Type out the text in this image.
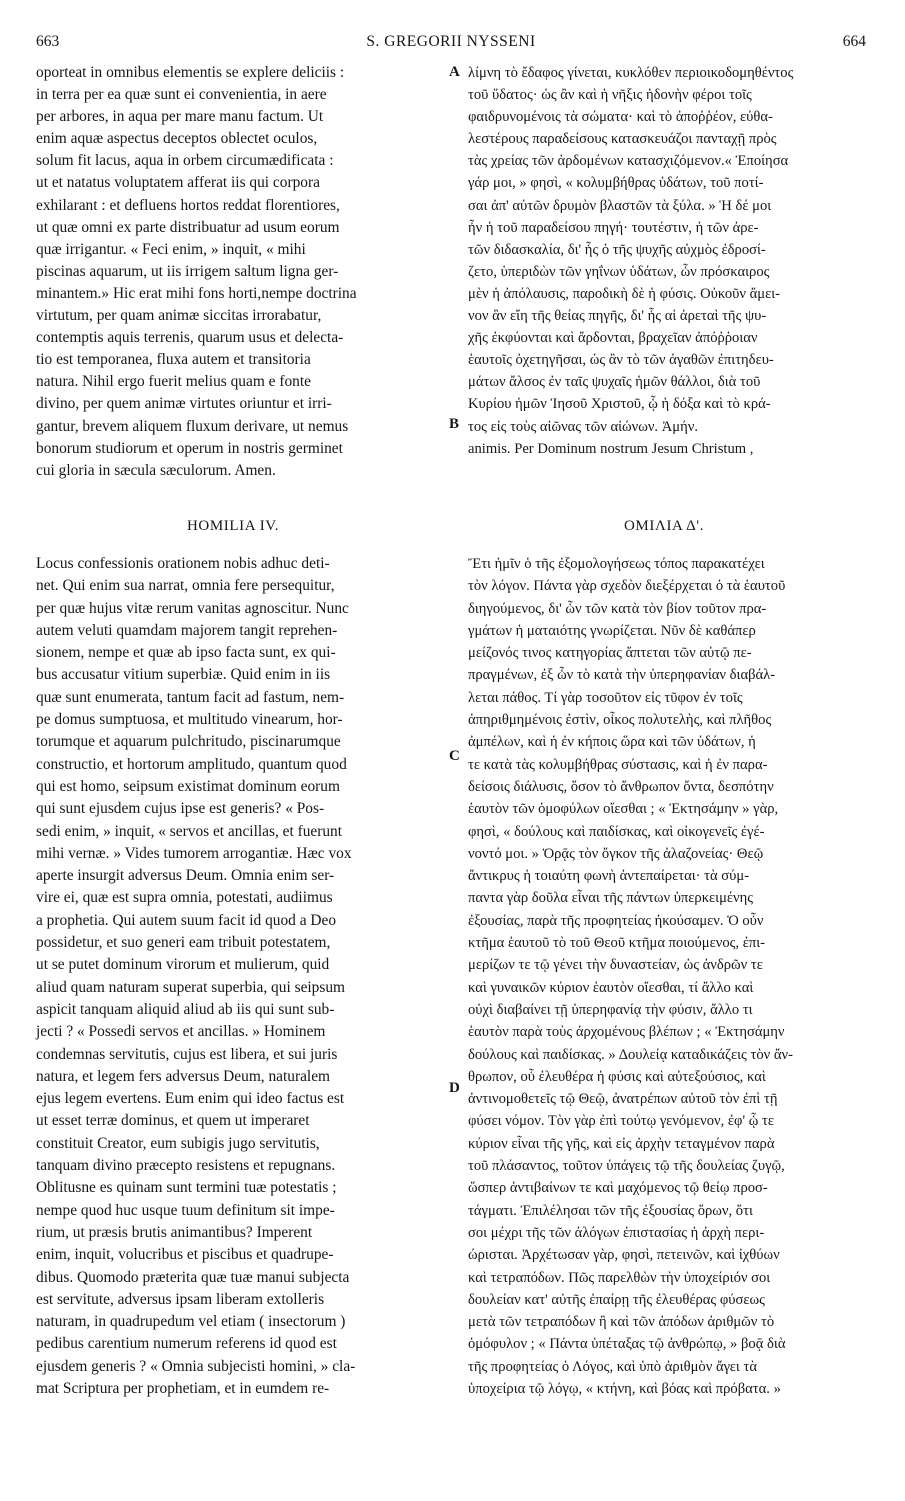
663	S. GREGORII NYSSENI	664
oporteat in omnibus elementis se explere deliciis :
in terra per ea quæ sunt ei convenientia, in aere
per arbores, in aqua per mare manu factum. Ut
enim aquæ aspectus deceptos oblectet oculos,
solum fit lacus, aqua in orbem circumædificata :
ut et natatus voluptatem afferat iis qui corpora
exhilarant : et defluens hortos reddat florentiores,
ut quæ omni ex parte distribuatur ad usum eorum
quæ irrigantur. « Feci enim, » inquit, « mihi
piscinas aquarum, ut iis irrigem saltum ligna ger-
minantem.» Hic erat mihi fons horti,nempe doctrina
virtutum, per quam animæ siccitas irrorabatur,
contemptis aquis terrenis, quarum usus et delecta-
tio est temporanea, fluxa autem et transitoria
natura. Nihil ergo fuerit melius quam e fonte
divino, per quem animæ virtutes oriuntur et irri-
gantur, brevem aliquem fluxum derivare, ut nemus
bonorum studiorum et operum in nostris germinet
cui gloria in sæcula sæculorum. Amen.
λίμνη τὸ ἔδαφος γίνεται, κυκλόθεν περιοικοδομηθέντος
τοῦ ὕδατος· ὡς ἂν καὶ ἡ νῆξις ἡδονὴν φέροι τοῖς
φαιδρυνομένοις τὰ σώματα· καὶ τὸ ἀποῤῥέον, εὐθα-
λεστέρους παραδείσους κατασκευάζοι πανταχῇ πρὸς
τὰς χρείας τῶν ἀρδομένων κατασχιζόμενον.« Ἐποίησα
γάρ μοι, » φησὶ, « κολυμβήθρας ὑδάτων, τοῦ ποτί-
σαι ἀπ' αὐτῶν δρυμὸν βλαστῶν τὰ ξύλα. » Ἡ δέ μοι
ἦν ἡ τοῦ παραδείσου πηγή· τουτέστιν, ἡ τῶν ἀρε-
τῶν διδασκαλία, δι' ἧς ὁ τῆς ψυχῆς αὐχμὸς ἐδροσί-
ζετο, ὑπεριδὼν τῶν γηΐνων ὑδάτων, ὧν πρόσκαιρος
μὲν ἡ ἀπόλαυσις, παροδικὴ δὲ ἡ φύσις. Οὐκοῦν ἄμει-
νον ἂν εἴη τῆς θείας πηγῆς, δι' ἧς αἱ ἀρεταὶ τῆς ψυ-
χῆς ἐκφύονται καὶ ἄρδονται, βραχεῖαν ἀπόῤῥοιαν
ἑαυτοῖς ὀχετηγῆσαι, ὡς ἂν τὸ τῶν ἀγαθῶν ἐπιτηδευ-
μάτων ἄλσος ἐν ταῖς ψυχαῖς ἡμῶν θάλλοι, διὰ τοῦ
Κυρίου ἡμῶν Ἰησοῦ Χριστοῦ, ᾧ ἡ δόξα καὶ τὸ κρά-
τος εἰς τοὺς αἰῶνας τῶν αἰώνων. Ἀμήν.
animis. Per Dominum nostrum Jesum Christum ,
A
B
C
D
HOMILIA IV.	ΟΜΙΛΙΑ Δ'.
Locus confessionis orationem nobis adhuc deti-
net. Qui enim sua narrat, omnia fere persequitur,
per quæ hujus vitæ rerum vanitas agnoscitur. Nunc
autem veluti quamdam majorem tangit reprehen-
sionem, nempe et quæ ab ipso facta sunt, ex qui-
bus accusatur vitium superbiæ. Quid enim in iis
quæ sunt enumerata, tantum facit ad fastum, nem-
pe domus sumptuosa, et multitudo vinearum, hor-
torumque et aquarum pulchritudo, piscinarumque
constructio, et hortorum amplitudo, quantum quod
qui est homo, seipsum existimat dominum eorum
qui sunt ejusdem cujus ipse est generis? « Pos-
sedi enim, » inquit, « servos et ancillas, et fuerunt
mihi vernæ. » Vides tumorem arrogantiæ. Hæc vox
aperte insurgit adversus Deum. Omnia enim ser-
vire ei, quæ est supra omnia, potestati, audiimus
a prophetia. Qui autem suum facit id quod a Deo
possidetur, et suo generi eam tribuit potestatem,
ut se putet dominum virorum et mulierum, quid
aliud quam naturam superat superbia, qui seipsum
aspicit tanquam aliquid aliud ab iis qui sunt sub-
jecti ? « Possedi servos et ancillas. » Hominem
condemnas servitutis, cujus est libera, et sui juris
natura, et legem fers adversus Deum, naturalem
ejus legem evertens. Eum enim qui ideo factus est
ut esset terræ dominus, et quem ut imperaret
constituit Creator, eum subigis jugo servitutis,
tanquam divino præcepto resistens et repugnans.
Oblitusne es quinam sunt termini tuæ potestatis ;
nempe quod huc usque tuum definitum sit impe-
rium, ut præsis brutis animantibus? Imperent
enim, inquit, volucribus et piscibus et quadrupe-
dibus. Quomodo præterita quæ tuæ manui subjecta
est servitute, adversus ipsam liberam extolleris
naturam, in quadrupedum vel etiam ( insectorum )
pedibus carentium numerum referens id quod est
ejusdem generis ? « Omnia subjecisti homini, » cla-
mat Scriptura per prophetiam, et in eumdem re-
Ἔτι ἡμῖν ὁ τῆς ἐξομολογήσεως τόπος παρακατέχει
τὸν λόγον. Πάντα γὰρ σχεδὸν διεξέρχεται ὁ τὰ ἑαυτοῦ
διηγούμενος, δι' ὧν τῶν κατὰ τὸν βίον τοῦτον πρα-
γμάτων ἡ ματαιότης γνωρίζεται. Νῦν δὲ καθάπερ
μείζονός τινος κατηγορίας ἅπτεται τῶν αὐτῷ πε-
πραγμένων, ἐξ ὧν τὸ κατὰ τὴν ὑπερηφανίαν διαβάλ-
λεται πάθος. Τί γὰρ τοσοῦτον εἰς τῦφον ἐν τοῖς
ἀπηριθμημένοις ἐστὶν, οἶκος πολυτελὴς, καὶ πλῆθος
ἀμπέλων, καὶ ἡ ἐν κήποις ὥρα καὶ τῶν ὑδάτων, ἡ
τε κατὰ τὰς κολυμβήθρας σύστασις, καὶ ἡ ἐν παρα-
δείσοις διάλυσις, ὅσον τὸ ἄνθρωπον ὄντα, δεσπότην
ἑαυτὸν τῶν ὁμοφύλων οἴεσθαι ; « Ἐκτησάμην » γὰρ,
φησὶ, « δούλους καὶ παιδίσκας, καὶ οἰκογενεῖς ἐγέ-
νοντό μοι. » Ὁρᾷς τὸν ὄγκον τῆς ἀλαζονείας· Θεῷ
ἄντικρυς ἡ τοιαύτη φωνὴ ἀντεπαίρεται· τὰ σύμ-
παντα γὰρ δοῦλα εἶναι τῆς πάντων ὑπερκειμένης
ἐξουσίας, παρὰ τῆς προφητείας ἠκούσαμεν. Ὁ οὖν
κτῆμα ἑαυτοῦ τὸ τοῦ Θεοῦ κτῆμα ποιούμενος, ἐπι-
μερίζων τε τῷ γένει τὴν δυναστείαν, ὡς ἀνδρῶν τε
καὶ γυναικῶν κύριον ἑαυτὸν οἴεσθαι, τί ἄλλο καὶ
οὐχὶ διαβαίνει τῇ ὑπερηφανίᾳ τὴν φύσιν, ἄλλο τι
ἑαυτὸν παρὰ τοὺς ἀρχομένους βλέπων ; « Ἐκτησάμην
δούλους καὶ παιδίσκας. » Δουλείᾳ καταδικάζεις τὸν ἄν-
θρωπον, οὗ ἐλευθέρα ἡ φύσις καὶ αὐτεξούσιος, καὶ
ἀντινομοθετεῖς τῷ Θεῷ, ἀνατρέπων αὐτοῦ τὸν ἐπὶ τῇ
φύσει νόμον. Τὸν γὰρ ἐπὶ τούτῳ γενόμενον, ἐφ' ᾧ τε
κύριον εἶναι τῆς γῆς, καὶ εἰς ἀρχὴν τεταγμένον παρὰ
τοῦ πλάσαντος, τοῦτον ὑπάγεις τῷ τῆς δουλείας ζυγῷ,
ὥσπερ ἀντιβαίνων τε καὶ μαχόμενος τῷ θείῳ προσ-
τάγματι. Ἐπιλέλησαι τῶν τῆς ἐξουσίας ὅρων, ὅτι
σοι μέχρι τῆς τῶν ἀλόγων ἐπιστασίας ἡ ἀρχὴ περι-
ώρισται. Ἀρχέτωσαν γὰρ, φησὶ, πετεινῶν, καὶ ἰχθύων
καὶ τετραπόδων. Πῶς παρελθὼν τὴν ὑποχείριόν σοι
δουλείαν κατ' αὐτῆς ἐπαίρῃ τῆς ἐλευθέρας φύσεως
μετὰ τῶν τετραπόδων ἢ καὶ τῶν ἀπόδων ἀριθμῶν τὸ
ὁμόφυλον ; « Πάντα ὑπέταξας τῷ ἀνθρώπῳ, » βοᾷ διὰ
τῆς προφητείας ὁ Λόγος, καὶ ὑπὸ ἀριθμὸν ἄγει τὰ
ὑποχείρια τῷ λόγῳ, « κτήνη, καὶ βόας καὶ πρόβατα. »
